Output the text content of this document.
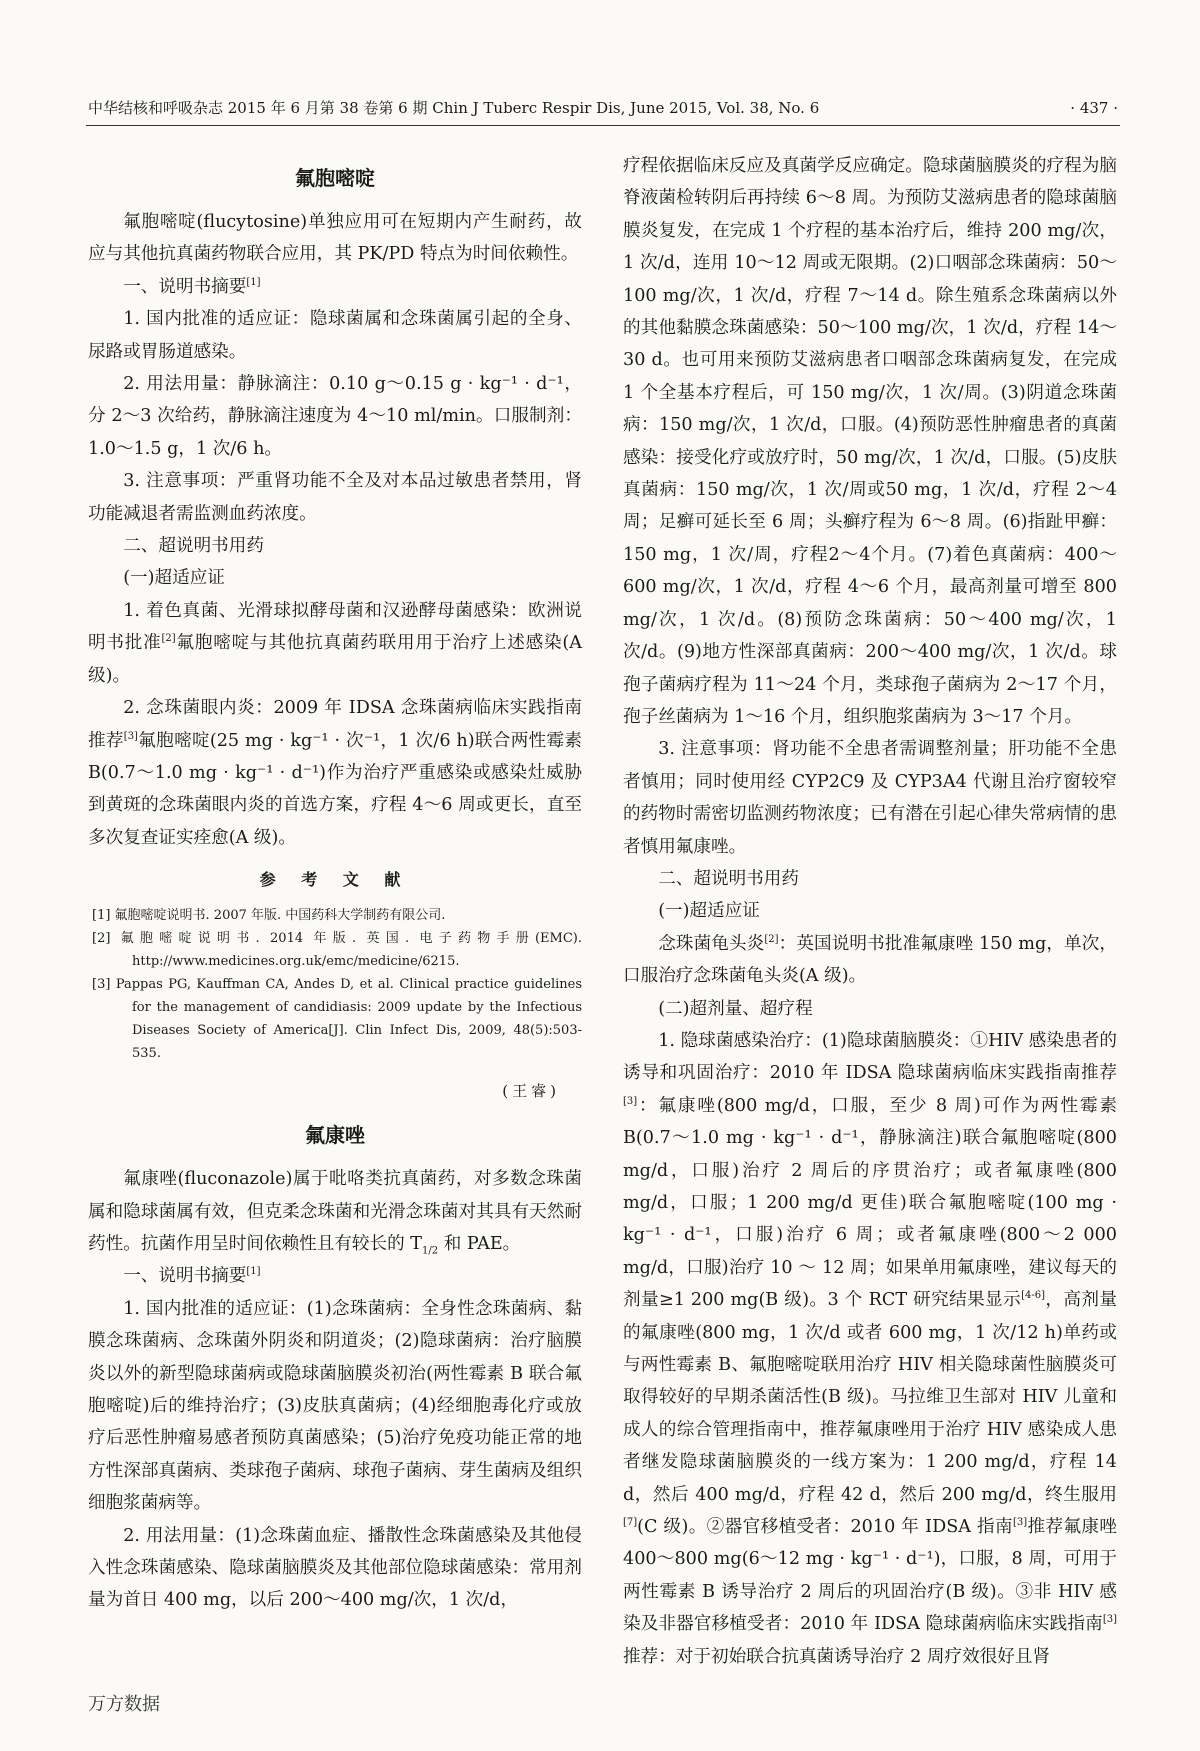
中华结核和呼吸杂志 2015 年 6 月第 38 卷第 6 期 Chin J Tuberc Respir Dis, June 2015, Vol. 38, No. 6	· 437 ·
氟胞嘧啶

氟胞嘧啶(flucytosine)单独应用可在短期内产生耐药，故应与其他抗真菌药物联合应用，其 PK/PD 特点为时间依赖性。

一、说明书摘要[1]

1. 国内批准的适应证：隐球菌属和念珠菌属引起的全身、尿路或胃肠道感染。

2. 用法用量：静脉滴注：0.10 g～0.15 g · kg⁻¹ · d⁻¹，分 2～3 次给药，静脉滴注速度为 4～10 ml/min。口服制剂：1.0～1.5 g，1 次/6 h。

3. 注意事项：严重肾功能不全及对本品过敏患者禁用，肾功能减退者需监测血药浓度。

二、超说明书用药

(一)超适应证

1. 着色真菌、光滑球拟酵母菌和汉逊酵母菌感染：欧洲说明书批准[2]氟胞嘧啶与其他抗真菌药联用用于治疗上述感染(A 级)。

2. 念珠菌眼内炎：2009 年 IDSA 念珠菌病临床实践指南推荐[3]氟胞嘧啶(25 mg · kg⁻¹ · 次⁻¹，1 次/6 h)联合两性霉素 B(0.7～1.0 mg · kg⁻¹ · d⁻¹)作为治疗严重感染或感染灶威胁到黄斑的念珠菌眼内炎的首选方案，疗程 4～6 周或更长，直至多次复查证实痊愈(A 级)。

参 考 文 献

[1] 氟胞嘧啶说明书. 2007 年版. 中国药科大学制药有限公司.

[2] 氟胞嘧啶说明书. 2014 年版. 英国. 电子药物手册(EMC). http://www.medicines.org.uk/emc/medicine/6215.

[3] Pappas PG, Kauffman CA, Andes D, et al. Clinical practice guidelines for the management of candidiasis: 2009 update by the Infectious Diseases Society of America[J]. Clin Infect Dis, 2009, 48(5):503-535.

(王睿)
氟康唑

氟康唑(fluconazole)属于吡咯类抗真菌药，对多数念珠菌属和隐球菌属有效，但克柔念珠菌和光滑念珠菌对其具有天然耐药性。抗菌作用呈时间依赖性且有较长的 $T_{1/2}$ 和 PAE。

一、说明书摘要[1]

1. 国内批准的适应证：(1)念珠菌病：全身性念珠菌病、黏膜念珠菌病、念珠菌外阴炎和阴道炎；(2)隐球菌病：治疗脑膜炎以外的新型隐球菌病或隐球菌脑膜炎初治(两性霉素 B 联合氟胞嘧啶)后的维持治疗；(3)皮肤真菌病；(4)经细胞毒化疗或放疗后恶性肿瘤易感者预防真菌感染；(5)治疗免疫功能正常的地方性深部真菌病、类球孢子菌病、球孢子菌病、芽生菌病及组织细胞浆菌病等。

2. 用法用量：(1)念珠菌血症、播散性念珠菌感染及其他侵入性念珠菌感染、隐球菌脑膜炎及其他部位隐球菌感染：常用剂量为首日 400 mg，以后 200～400 mg/次，1 次/d，

疗程依据临床反应及真菌学反应确定。隐球菌脑膜炎的疗程为脑脊液菌检转阴后再持续 6～8 周。为预防艾滋病患者的隐球菌脑膜炎复发，在完成 1 个疗程的基本治疗后，维持 200 mg/次，1 次/d，连用 10～12 周或无限期。(2)口咽部念珠菌病：50～100 mg/次，1 次/d，疗程 7～14 d。除生殖系念珠菌病以外的其他黏膜念珠菌感染：50～100 mg/次，1 次/d，疗程 14～30 d。也可用来预防艾滋病患者口咽部念珠菌病复发，在完成 1 个全基本疗程后，可 150 mg/次，1 次/周。(3)阴道念珠菌病：150 mg/次，1 次/d，口服。(4)预防恶性肿瘤患者的真菌感染：接受化疗或放疗时，50 mg/次，1 次/d，口服。(5)皮肤真菌病：150 mg/次，1 次/周或50 mg，1 次/d，疗程 2～4 周；足癣可延长至 6 周；头癣疗程为 6～8 周。(6)指趾甲癣：150 mg，1 次/周，疗程2～4个月。(7)着色真菌病：400～600 mg/次，1 次/d，疗程 4～6 个月，最高剂量可增至 800 mg/次，1 次/d。(8)预防念珠菌病：50～400 mg/次，1 次/d。(9)地方性深部真菌病：200～400 mg/次，1 次/d。球孢子菌病疗程为 11～24 个月，类球孢子菌病为 2～17 个月，孢子丝菌病为 1～16 个月，组织胞浆菌病为 3～17 个月。

3. 注意事项：肾功能不全患者需调整剂量；肝功能不全患者慎用；同时使用经 CYP2C9 及 CYP3A4 代谢且治疗窗较窄的药物时需密切监测药物浓度；已有潜在引起心律失常病情的患者慎用氟康唑。

二、超说明书用药

(一)超适应证

念珠菌龟头炎[2]：英国说明书批准氟康唑 150 mg，单次，口服治疗念珠菌龟头炎(A 级)。

(二)超剂量、超疗程

1. 隐球菌感染治疗：(1)隐球菌脑膜炎：①HIV 感染患者的诱导和巩固治疗：2010 年 IDSA 隐球菌病临床实践指南推荐[3]：氟康唑(800 mg/d，口服，至少 8 周)可作为两性霉素 B(0.7～1.0 mg · kg⁻¹ · d⁻¹，静脉滴注)联合氟胞嘧啶(800 mg/d，口服)治疗 2 周后的序贯治疗；或者氟康唑(800 mg/d，口服；1 200 mg/d 更佳)联合氟胞嘧啶(100 mg · kg⁻¹ · d⁻¹，口服)治疗 6 周；或者氟康唑(800～2 000 mg/d，口服)治疗 10 ～ 12 周；如果单用氟康唑，建议每天的剂量≥1 200 mg(B 级)。3 个 RCT 研究结果显示[4-6]，高剂量的氟康唑(800 mg，1 次/d 或者 600 mg，1 次/12 h)单药或与两性霉素 B、氟胞嘧啶联用治疗 HIV 相关隐球菌性脑膜炎可取得较好的早期杀菌活性(B 级)。马拉维卫生部对 HIV 儿童和成人的综合管理指南中，推荐氟康唑用于治疗 HIV 感染成人患者继发隐球菌脑膜炎的一线方案为：1 200 mg/d，疗程 14 d，然后 400 mg/d，疗程 42 d，然后 200 mg/d，终生服用[7](C 级)。②器官移植受者：2010 年 IDSA 指南[3]推荐氟康唑 400～800 mg(6～12 mg · kg⁻¹ · d⁻¹)，口服，8 周，可用于两性霉素 B 诱导治疗 2 周后的巩固治疗(B 级)。③非 HIV 感染及非器官移植受者：2010 年 IDSA 隐球菌病临床实践指南[3]推荐：对于初始联合抗真菌诱导治疗 2 周疗效很好且肾

万方数据
